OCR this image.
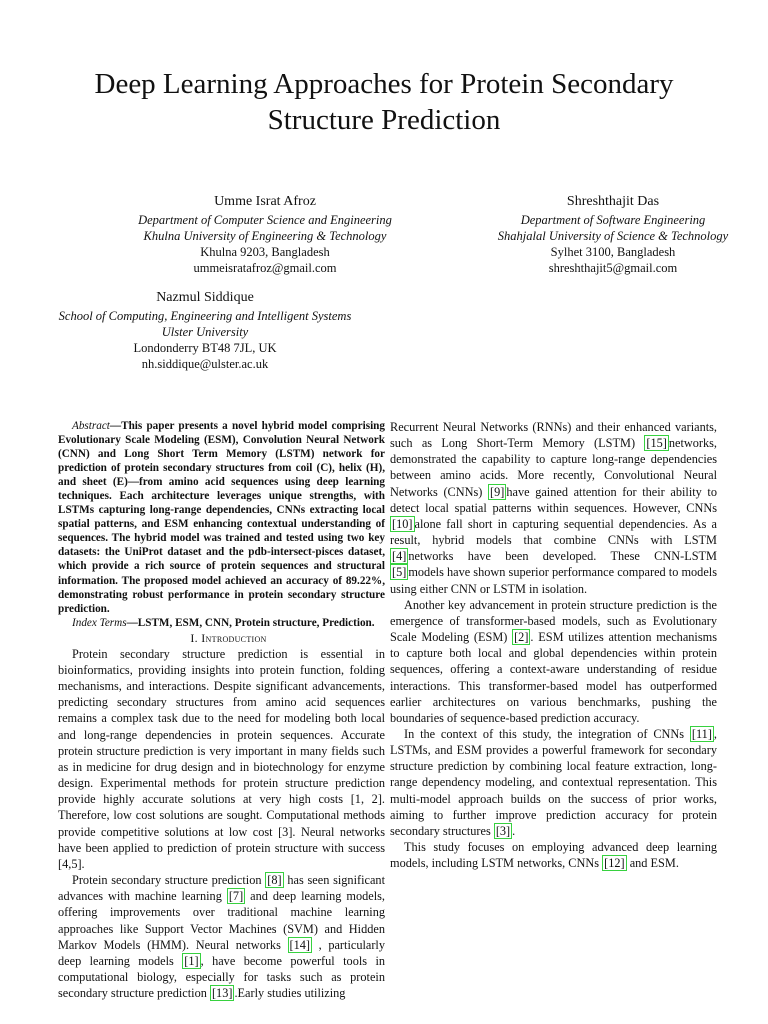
Deep Learning Approaches for Protein Secondary
Structure Prediction
Umme Israt Afroz
Department of Computer Science and Engineering
Khulna University of Engineering & Technology
Khulna 9203, Bangladesh
ummeisratafroz@gmail.com
Shreshthajit Das
Department of Software Engineering
Shahjalal University of Science & Technology
Sylhet 3100, Bangladesh
shreshthajit5@gmail.com
Nazmul Siddique
School of Computing, Engineering and Intelligent Systems
Ulster University
Londonderry BT48 7JL, UK
nh.siddique@ulster.ac.uk

Abstract—This paper presents a novel hybrid model comprising Evolutionary Scale Modeling (ESM), Convolution Neural Network (CNN) and Long Short Term Memory (LSTM) network for prediction of protein secondary structures from coil (C), helix (H), and sheet (E)—from amino acid sequences using deep learning techniques. Each architecture leverages unique strengths, with LSTMs capturing long-range dependencies, CNNs extracting local spatial patterns, and ESM enhancing contextual understanding of sequences. The hybrid model was trained and tested using two key datasets: the UniProt dataset and the pdb-intersect-pisces dataset, which provide a rich source of protein sequences and structural information. The proposed model achieved an accuracy of 89.22%, demonstrating robust performance in protein secondary structure prediction.

Index Terms—LSTM, ESM, CNN, Protein structure, Prediction.

I. Introduction

Protein secondary structure prediction is essential in bioinformatics, providing insights into protein function, folding mechanisms, and interactions. Despite significant advancements, predicting secondary structures from amino acid sequences remains a complex task due to the need for modeling both local and long-range dependencies in protein sequences. Accurate protein structure prediction is very important in many fields such as in medicine for drug design and in biotechnology for enzyme design. Experimental methods for protein structure prediction provide highly accurate solutions at very high costs [1, 2]. Therefore, low cost solutions are sought. Computational methods provide competitive solutions at low cost [3]. Neural networks have been applied to prediction of protein structure with success [4,5].

Protein secondary structure prediction [8] has seen significant advances with machine learning [7] and deep learning models, offering improvements over traditional machine learning approaches like Support Vector Machines (SVM) and Hidden Markov Models (HMM). Neural networks [14] , particularly deep learning models [1] , have become powerful tools in computational biology, especially for tasks such as protein secondary structure prediction [13] .Early studies utilizing

Recurrent Neural Networks (RNNs) and their enhanced variants, such as Long Short-Term Memory (LSTM) [15] networks, demonstrated the capability to capture long-range dependencies between amino acids. More recently, Convolutional Neural Networks (CNNs) [9] have gained attention for their ability to detect local spatial patterns within sequences. However, CNNs [10] alone fall short in capturing sequential dependencies. As a result, hybrid models that combine CNNs with LSTM [4] networks have been developed. These CNN-LSTM [5] models have shown superior performance compared to models using either CNN or LSTM in isolation.

Another key advancement in protein structure prediction is the emergence of transformer-based models, such as Evolutionary Scale Modeling (ESM) [2] . ESM utilizes attention mechanisms to capture both local and global dependencies within protein sequences, offering a context-aware understanding of residue interactions. This transformer-based model has outperformed earlier architectures on various benchmarks, pushing the boundaries of sequence-based prediction accuracy.

In the context of this study, the integration of CNNs [11] , LSTMs, and ESM provides a powerful framework for secondary structure prediction by combining local feature extraction, long-range dependency modeling, and contextual representation. This multi-model approach builds on the success of prior works, aiming to further improve prediction accuracy for protein secondary structures [3] .

This study focuses on employing advanced deep learning models, including LSTM networks, CNNs [12] and ESM.
